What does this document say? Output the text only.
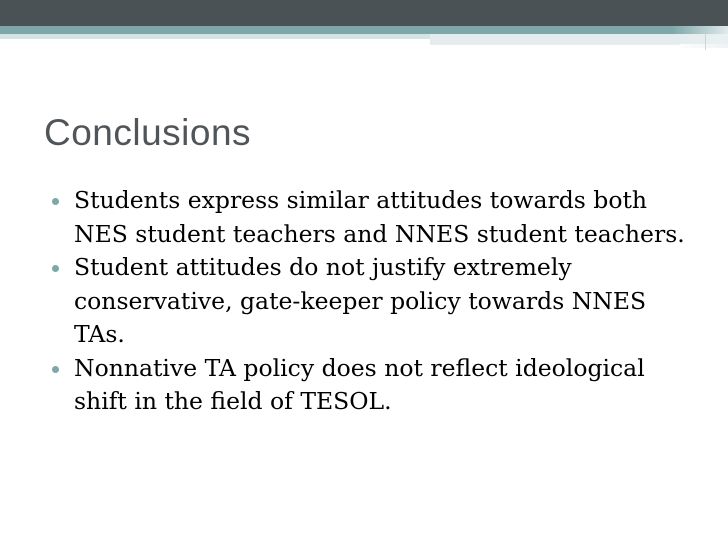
Conclusions
Students express similar attitudes towards both NES student teachers and NNES student teachers.
Student attitudes do not justify extremely conservative, gate-keeper policy towards NNES TAs.
Nonnative TA policy does not reflect ideological shift in the field of TESOL.
